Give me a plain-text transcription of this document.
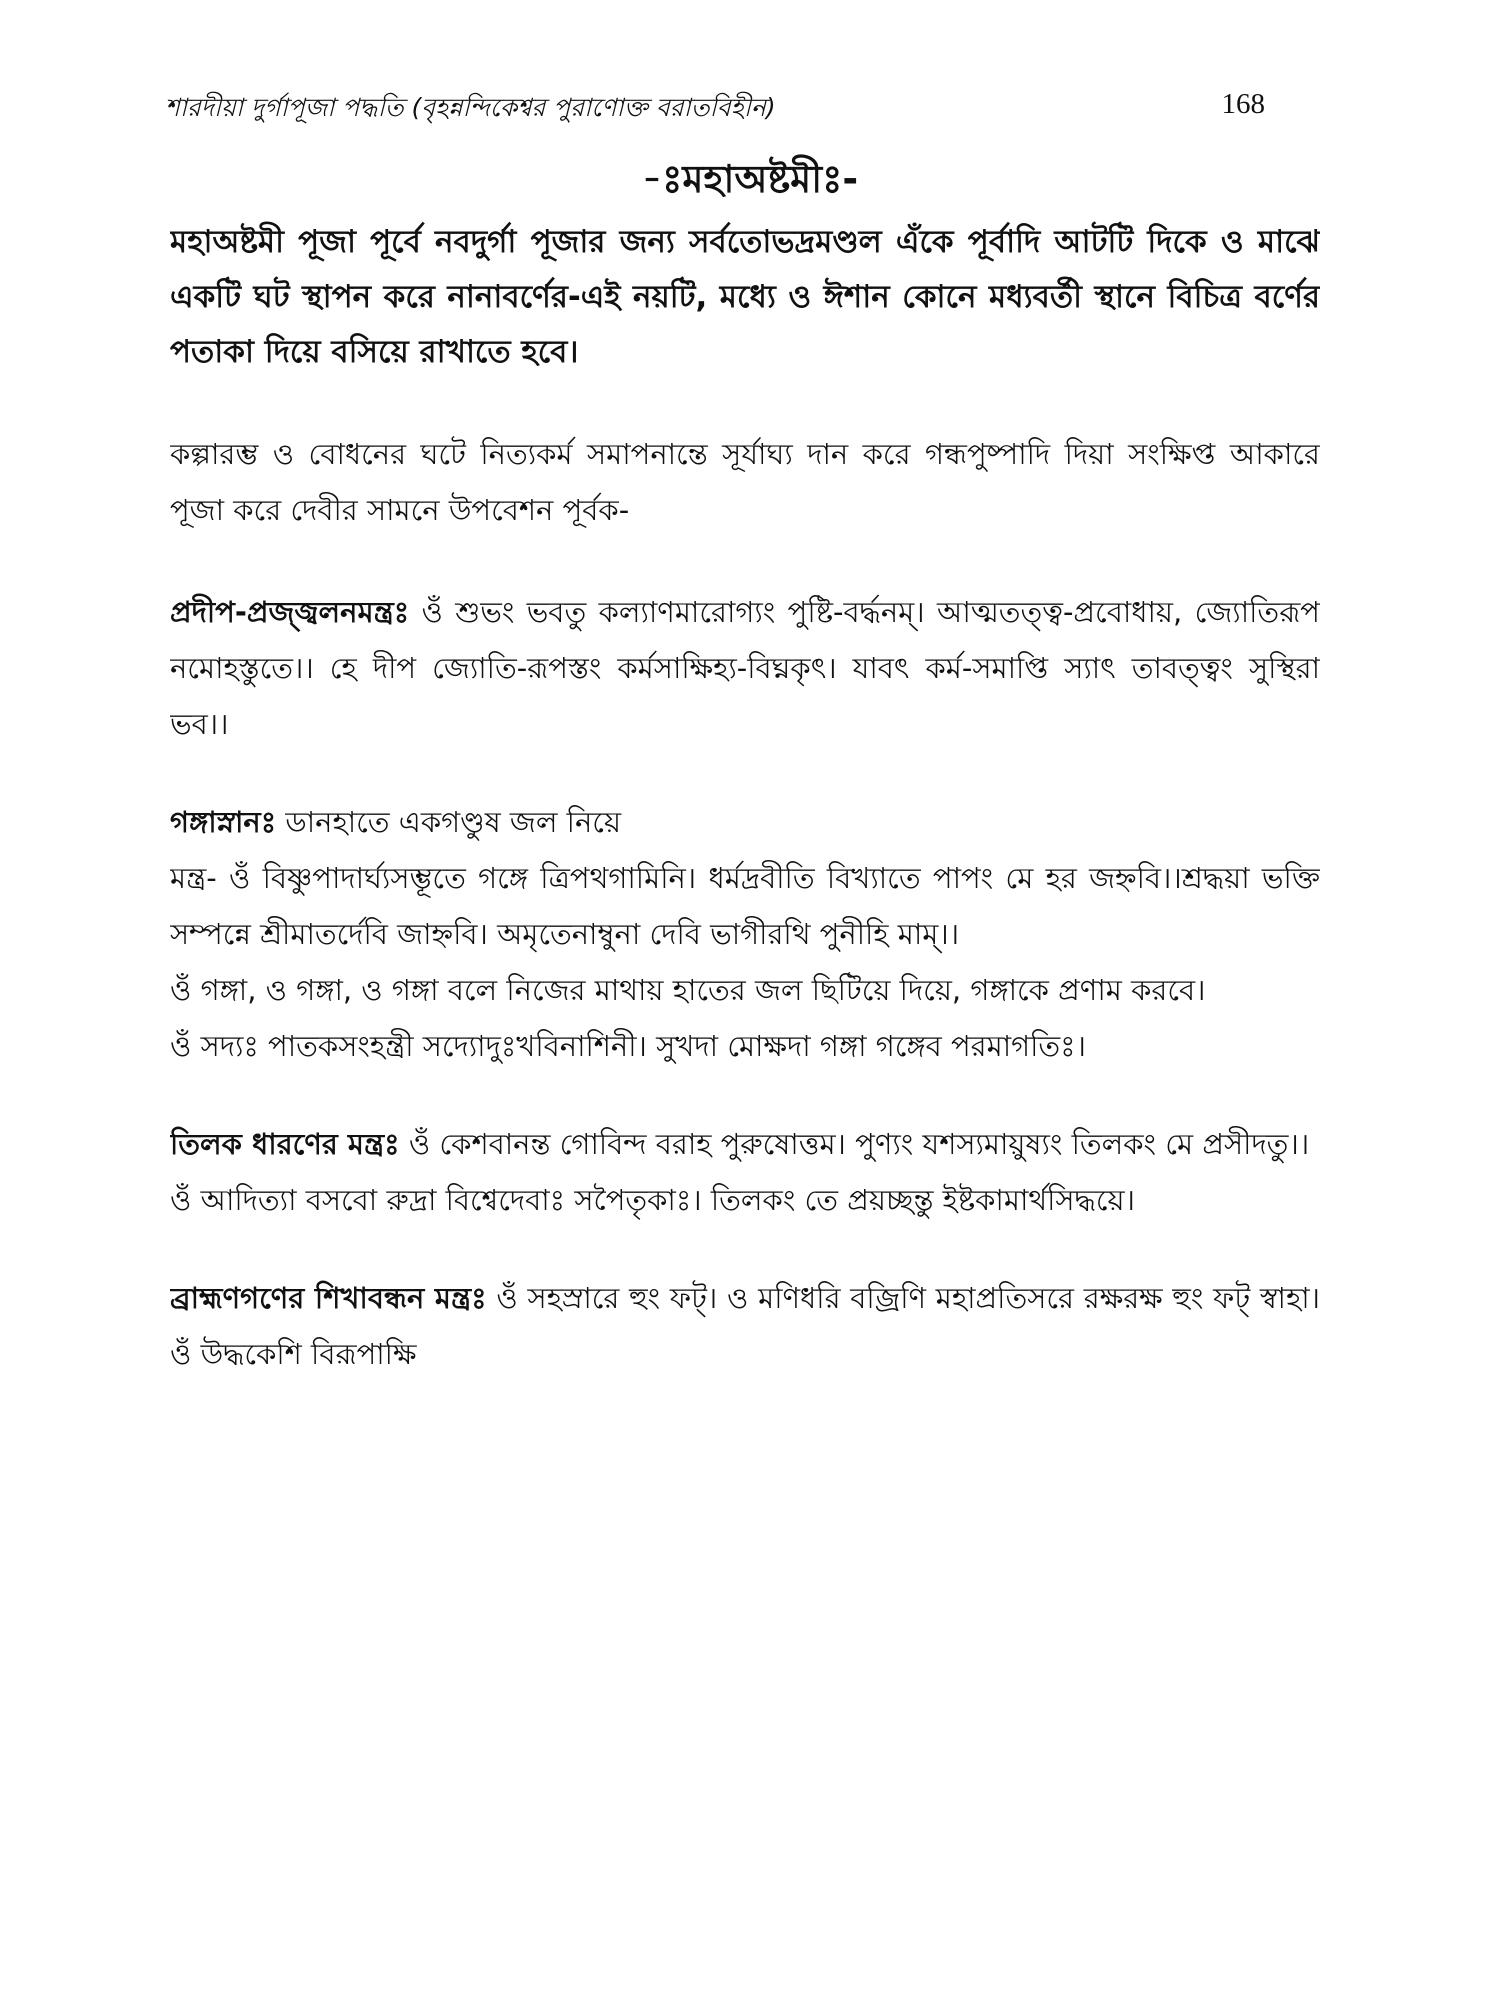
শারদীয়া দুর্গাপূজা পদ্ধতি (বৃহন্নন্দিকেশ্বর পুরাণোক্ত বরাতবিহীন)	168
-ঃমহাঅষ্টমীঃ-

মহাঅষ্টমী পূজা পূর্বে নবদুর্গা পূজার জন্য সর্বতোভদ্রমণ্ডল এঁকে পূর্বাদি আটটি দিকে ও মাঝে একটি ঘট স্থাপন করে নানাবর্ণের-এই নয়টি, মধ্যে ও ঈশান কোনে মধ্যবর্তী স্থানে বিচিত্র বর্ণের পতাকা দিয়ে বসিয়ে রাখাতে হবে।

কল্পারম্ভ ও বোধনের ঘটে নিত্যকর্ম সমাপনান্তে সূর্যাঘ্য দান করে গন্ধপুষ্পাদি দিয়া সংক্ষিপ্ত আকারে পূজা করে দেবীর সামনে উপবেশন পূর্বক-

প্রদীপ-প্রজ্জ্বলনমন্ত্রঃ ওঁ শুভং ভবতু কল্যাণমারোগ্যং পুষ্টি-বর্দ্ধনম্। আত্মতত্ত্ব-প্রবোধায়, জ্যোতিরূপ নমোহস্তুতে।। হে দীপ জ্যোতি-রূপস্তং কর্মসাক্ষিহ্য-বিঘ্নকৃৎ। যাবৎ কর্ম-সমাপ্তি স্যাৎ তাবত্ত্বং সুস্থিরা ভব।।

গঙ্গাস্নানঃ ডানহাতে একগণ্ডুষ জল নিয়ে

মন্ত্র- ওঁ বিষ্ণুপাদার্ঘ্যসম্ভূতে গঙ্গে ত্রিপথগামিনি। ধর্মদ্রবীতি বিখ্যাতে পাপং মে হর জহ্নবি।।শ্রদ্ধয়া ভক্তি সম্পন্নে শ্রীমাতর্দেবি জাহ্নবি। অমৃতেনাম্বুনা দেবি ভাগীরথি পুনীহি মাম্।।

ওঁ গঙ্গা, ও গঙ্গা, ও গঙ্গা বলে নিজের মাথায় হাতের জল ছিটিয়ে দিয়ে, গঙ্গাকে প্রণাম করবে।

ওঁ সদ্যঃ পাতকসংহন্ত্রী সদ্যোদুঃখবিনাশিনী। সুখদা মোক্ষদা গঙ্গা গঙ্গেব পরমাগতিঃ।

তিলক ধারণের মন্ত্রঃ ওঁ কেশবানন্ত গোবিন্দ বরাহ পুরুষোত্তম। পুণ্যং যশস্যমায়ুষ্যং তিলকং মে প্রসীদতু।।

ওঁ আদিত্যা বসবো রুদ্রা বিশ্বেদেবাঃ সপৈতৃকাঃ। তিলকং তে প্রয়চ্ছন্তু ইষ্টকামার্থসিদ্ধয়ে।

ব্রাহ্মণগণের শিখাবন্ধন মন্ত্রঃ ওঁ সহস্রারে হুং ফট্। ও মণিধরি বজ্রিণি মহাপ্রতিসরে রক্ষরক্ষ হুং ফট্ স্বাহা। ওঁ উদ্ধকেশি বিরূপাক্ষি
